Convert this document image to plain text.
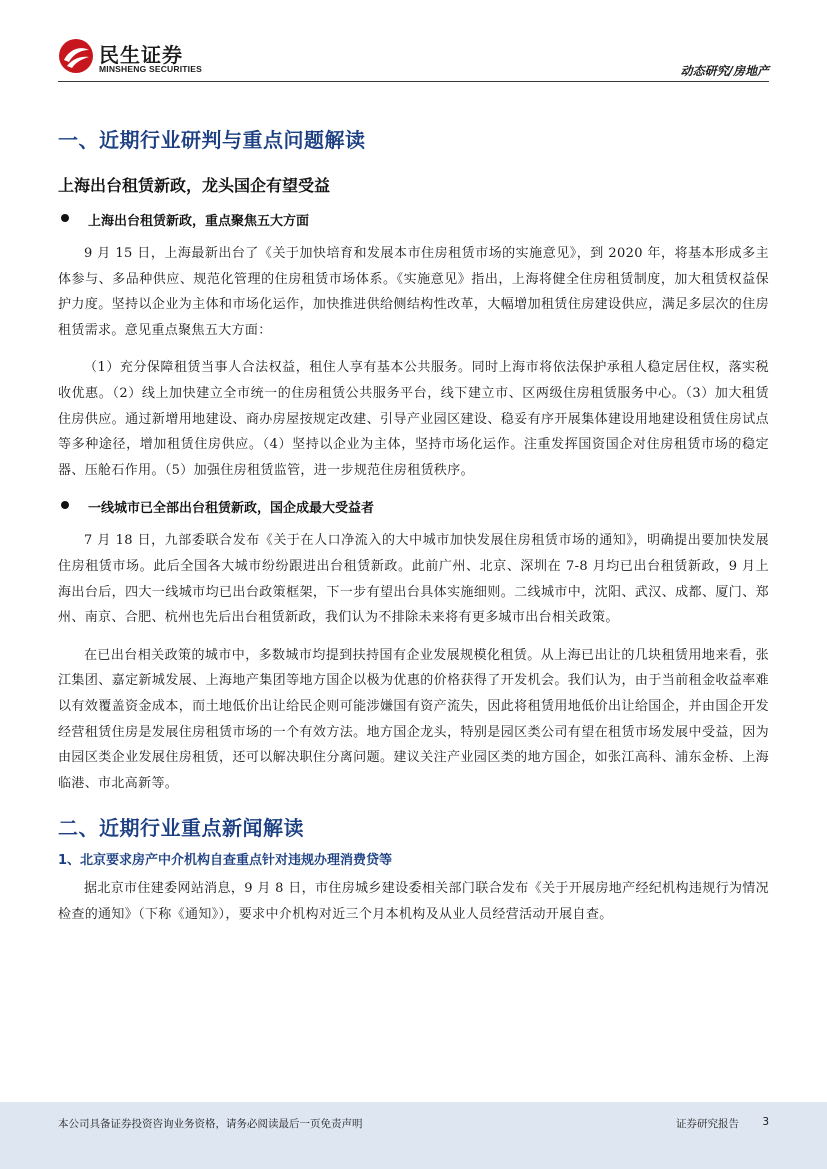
民生证券
MINSHENG SECURITIES	动态研究/房地产
一、近期行业研判与重点问题解读
上海出台租赁新政，龙头国企有望受益
上海出台租赁新政，重点聚焦五大方面

9 月 15 日，上海最新出台了《关于加快培育和发展本市住房租赁市场的实施意见》，到 2020 年，将基本形成多主体参与、多品种供应、规范化管理的住房租赁市场体系。《实施意见》指出，上海将健全住房租赁制度，加大租赁权益保护力度。坚持以企业为主体和市场化运作，加快推进供给侧结构性改革，大幅增加租赁住房建设供应，满足多层次的住房租赁需求。意见重点聚焦五大方面：

（1）充分保障租赁当事人合法权益，租住人享有基本公共服务。同时上海市将依法保护承租人稳定居住权，落实税收优惠。（2）线上加快建立全市统一的住房租赁公共服务平台，线下建立市、区两级住房租赁服务中心。（3）加大租赁住房供应。通过新增用地建设、商办房屋按规定改建、引导产业园区建设、稳妥有序开展集体建设用地建设租赁住房试点等多种途径，增加租赁住房供应。（4）坚持以企业为主体，坚持市场化运作。注重发挥国资国企对住房租赁市场的稳定器、压舱石作用。（5）加强住房租赁监管，进一步规范住房租赁秩序。

一线城市已全部出台租赁新政，国企成最大受益者

7 月 18 日，九部委联合发布《关于在人口净流入的大中城市加快发展住房租赁市场的通知》，明确提出要加快发展住房租赁市场。此后全国各大城市纷纷跟进出台租赁新政。此前广州、北京、深圳在 7-8 月均已出台租赁新政，9 月上海出台后，四大一线城市均已出台政策框架，下一步有望出台具体实施细则。二线城市中，沈阳、武汉、成都、厦门、郑州、南京、合肥、杭州也先后出台租赁新政，我们认为不排除未来将有更多城市出台相关政策。

在已出台相关政策的城市中，多数城市均提到扶持国有企业发展规模化租赁。从上海已出让的几块租赁用地来看，张江集团、嘉定新城发展、上海地产集团等地方国企以极为优惠的价格获得了开发机会。我们认为，由于当前租金收益率难以有效覆盖资金成本，而土地低价出让给民企则可能涉嫌国有资产流失，因此将租赁用地低价出让给国企，并由国企开发经营租赁住房是发展住房租赁市场的一个有效方法。地方国企龙头，特别是园区类公司有望在租赁市场发展中受益，因为由园区类企业发展住房租赁，还可以解决职住分离问题。建议关注产业园区类的地方国企，如张江高科、浦东金桥、上海临港、市北高新等。

二、近期行业重点新闻解读
1、北京要求房产中介机构自查重点针对违规办理消费贷等

据北京市住建委网站消息，9 月 8 日，市住房城乡建设委相关部门联合发布《关于开展房地产经纪机构违规行为情况检查的通知》（下称《通知》），要求中介机构对近三个月本机构及从业人员经营活动开展自查。

本公司具备证券投资咨询业务资格，请务必阅读最后一页免责声明	证券研究报告 3
